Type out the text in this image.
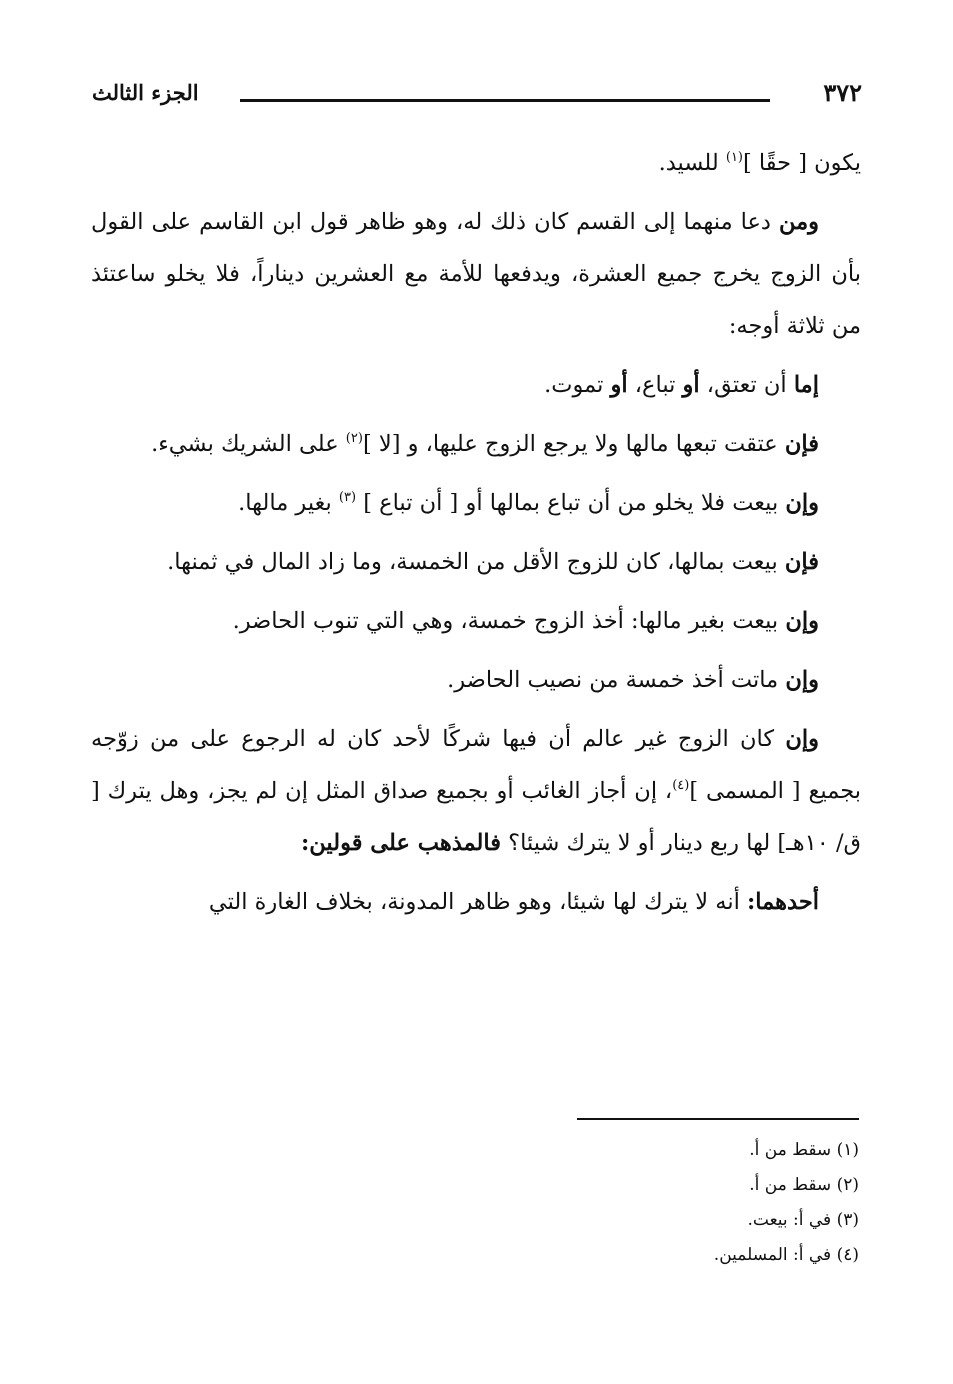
الجزء الثالث	٣٧٢

يكون [ حقًا ]$^{(١)}$ للسيد.

ومن دعا منهما إلى القسم كان ذلك له، وهو ظاهر قول ابن القاسم على القول بأن الزوج يخرج جميع العشرة، ويدفعها للأمة مع العشرين ديناراً، فلا يخلو ساعتئذ من ثلاثة أوجه:

إما أن تعتق، أو تباع، أو تموت.

فإن عتقت تبعها مالها ولا يرجع الزوج عليها، و [لا ]$^{(٢)}$ على الشريك بشيء.

وإن بيعت فلا يخلو من أن تباع بمالها أو [ أن تباع ] $^{(٣)}$ بغير مالها.

فإن بيعت بمالها، كان للزوج الأقل من الخمسة، وما زاد المال في ثمنها.

وإن بيعت بغير مالها: أخذ الزوج خمسة، وهي التي تنوب الحاضر.

وإن ماتت أخذ خمسة من نصيب الحاضر.

وإن كان الزوج غير عالم أن فيها شركًا لأحد كان له الرجوع على من زوّجه بجميع [ المسمى ]$^{(٤)}$، إن أجاز الغائب أو بجميع صداق المثل إن لم يجز، وهل يترك [ ق/ ١٠هـ] لها ربع دينار أو لا يترك شيئا؟ فالمذهب على قولين:

أحدهما: أنه لا يترك لها شيئا، وهو ظاهر المدونة، بخلاف الغارة التي

(١) سقط من أ.
(٢) سقط من أ.
(٣) في أ: بيعت.
(٤) في أ: المسلمين.
